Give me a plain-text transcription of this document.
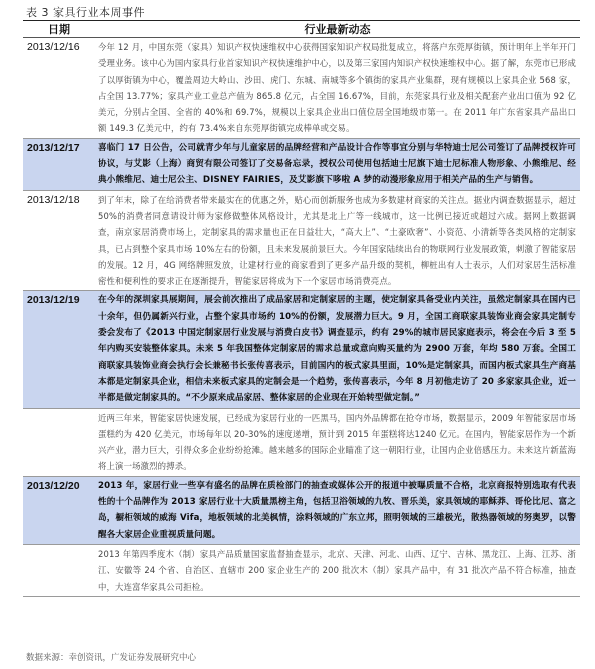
表 3 家具行业本周事件
日期	行业最新动态
2013/12/16	今年 12 月，中国东莞（家具）知识产权快速维权中心获得国家知识产权局批复成立，将落户东莞厚街镇，预计明年上半年开门受理业务。该中心为国内家具行业首家知识产权快速维护中心，以及第三家国内知识产权快速维权中心。据了解，东莞市已形成了以厚街镇为中心，覆盖周边大岭山、沙田、虎门、东城、南城等多个镇街的家具产业集群，现有规模以上家具企业 568 家，占全国 13.77%；家具产业工业总产值为 865.8 亿元，占全国 16.67%，目前，东莞家具行业及相关配套产业出口值为 92 亿美元，分别占全国、全省的 40%和 69.7%，规模以上家具企业出口值位居全国地级市第一。在 2011 年广东省家具产品出口额 149.3 亿美元中，约有 73.4%来自东莞厚街镇完成棒单或交易。
2013/12/17	喜临门 17 日公告，公司就青少年与儿童家居的品牌经营和产品设计合作等事宜分别与华特迪士尼公司签订了品牌授权许可协议，与艾影（上海）商贸有限公司签订了交易备忘录，授权公司使用包括迪士尼旗下迪士尼标准人物形象、小熊维尼、经典小熊维尼、迪士尼公主、DISNEY FAIRIES，及艾影旗下哆啦 A 梦的动漫形象应用于相关产品的生产与销售。
2013/12/18	到了年末，除了在给消费者带来最实在的优惠之外，贴心而创新服务也成为多数建材商家的关注点。据业内调查数据显示，超过 50%的消费者同意请设计师为家修做整体风格设计，尤其是北上广等一线城市，这一比例已接近或超过六成。据网上数据调查，南京家居消费市场上，定制家具的需求量也正在日益壮大，“高大上”、“土豪欧奢”、小资范、小清新等各类风格的定制家具，已占到整个家具市场 10%左右的份额，且未来发展前景巨大。今年国家陆续出台的物联网行业发展政策，刺激了智能家居的发展。12 月，4G 网络牌照发放，让建材行业的商家看到了更多产品升级的契机，柳桩出有人士表示，人们对家居生活标准密性和便利性的要求正在逐渐提升，智能家居将成为下一个家居市场消费亮点。
2013/12/19	在今年的深圳家具展期间，展会前次推出了成品家居和定制家居的主题，使定制家具备受业内关注，虽然定制家具在国内已十余年，但仍属新兴行业，占整个家具市场约 10%的份额，发展潜力巨大。9 月，全国工商联家具装饰业商会家具定制专委会发布了《2013 中国定制家居行业发展与消费白皮书》调查显示，约有 29%的城市居民家庭表示，将会在今后 3 至 5 年内购买安装整体家具。未来 5 年我国整体定制家居的需求总量或意向购买量约为 2900 万套，年均 580 万套。全国工商联家具装饰业商会执行会长兼秘书长张传喜表示，目前国内的板式家具里面，10%是定制家具，而国内板式家具生产商基本都是定制家具企业，相信未来板式家具的定制会是一个趋势，张传喜表示，今年 8 月初他走访了 20 多家家具企业，近一半都是做定制家具的。“不少原来成品家居、整体家居的企业现在开始转型做定制。”
	近两三年来，智能家居快速发展，已经成为家居行业的一匹黑马，国内外品牌都在抢夺市场，数据显示，2009 年智能家居市场蛋糕约为 420 亿美元，市场每年以 20-30%的速度递增，预计到 2015 年蛋糕将达1240 亿元。在国内，智能家居作为一个新兴产业，潜力巨大，引得众多企业纷纷抢滩。越来越多的国际企业瞄准了这一朝阳行业，让国内企业倍感压力。未来这片新蓝海将上演一场激烈的搏杀。
2013/12/20	2013 年，家居行业一些享有盛名的品牌在质检部门的抽查或媒体公开的报道中被曝质量不合格，北京商报特别选取有代表性的十个品牌作为 2013 家居行业十大质量黑榜主角，包括卫浴领域的九牧、晋乐美，家具领域的耶稣莽、哥伦比尼、富之岛，橱柜领域的威海 Vifa，地板领域的北美枫情，涂料领域的广东立邦，照明领域的三雄极光，散热器领域的努奥罗，以警醒各大家居企业重视质量问题。
	2013 年第四季度木（制）家具产品质量国家监督抽查显示，北京、天津、河北、山西、辽宁、吉林、黑龙江、上海、江苏、浙江、安徽等 24 个省、自治区、直辖市 200 家企业生产的 200 批次木（制）家具产品中，有 31 批次产品不符合标准，抽查中，大连富华家具公司拒检。
数据来源：幸创资讯，广发证券发展研究中心
